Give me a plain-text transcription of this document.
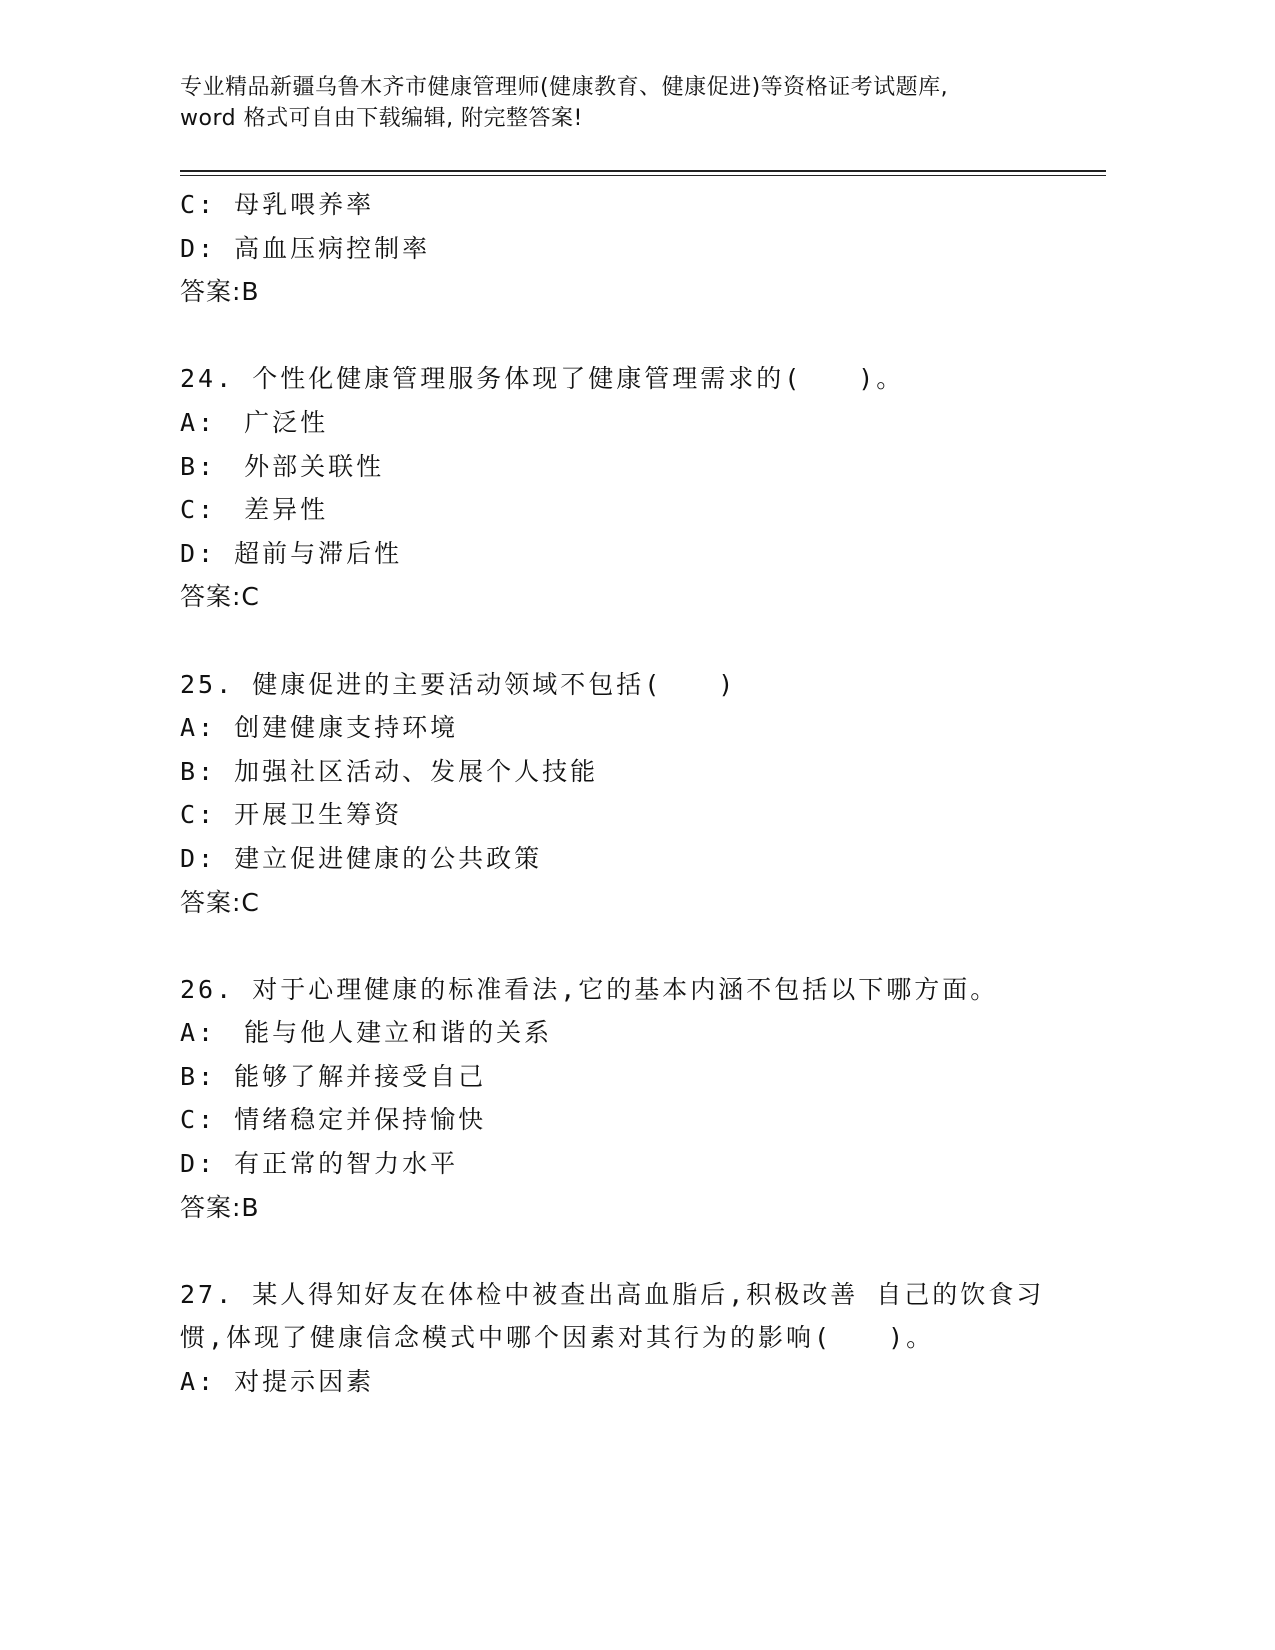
专业精品新疆乌鲁木齐市健康管理师(健康教育、健康促进)等资格证考试题库,
word 格式可自由下载编辑, 附完整答案!
C: 母乳喂养率
D: 高血压病控制率
答案:B
24. 个性化健康管理服务体现了健康管理需求的(　　)。
A:　广泛性
B:　外部关联性
C:　差异性
D: 超前与滞后性
答案:C
25. 健康促进的主要活动领域不包括(　　)
A: 创建健康支持环境
B: 加强社区活动、发展个人技能
C: 开展卫生筹资
D: 建立促进健康的公共政策
答案:C
26. 对于心理健康的标准看法,它的基本内涵不包括以下哪方面。
A:　能与他人建立和谐的关系
B: 能够了解并接受自己
C: 情绪稳定并保持愉快
D: 有正常的智力水平
答案:B
27. 某人得知好友在体检中被查出高血脂后,积极改善 自己的饮食习
惯,体现了健康信念模式中哪个因素对其行为的影响(　　)。
A: 对提示因素
